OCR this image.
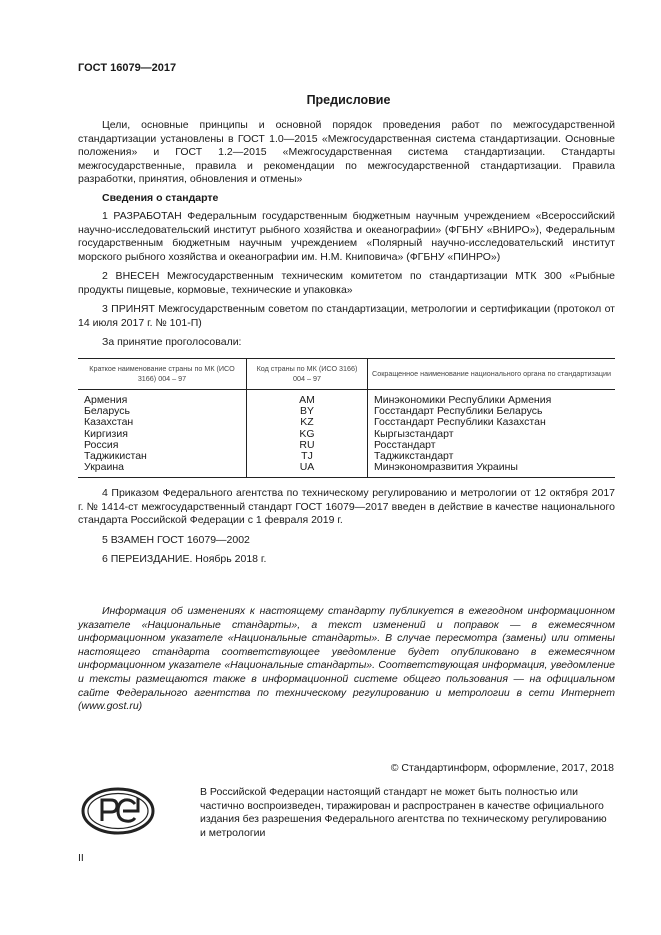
ГОСТ 16079—2017
Предисловие

Цели, основные принципы и основной порядок проведения работ по межгосударственной стандартизации установлены в ГОСТ 1.0—2015 «Межгосударственная система стандартизации. Основные положения» и ГОСТ 1.2—2015 «Межгосударственная система стандартизации. Стандарты межгосударственные, правила и рекомендации по межгосударственной стандартизации. Правила разработки, принятия, обновления и отмены»

Сведения о стандарте

1 РАЗРАБОТАН Федеральным государственным бюджетным научным учреждением «Всероссийский научно-исследовательский институт рыбного хозяйства и океанографии» (ФГБНУ «ВНИРО»), Федеральным государственным бюджетным научным учреждением «Полярный научно-исследовательский институт морского рыбного хозяйства и океанографии им. Н.М. Книповича» (ФГБНУ «ПИНРО»)

2 ВНЕСЕН Межгосударственным техническим комитетом по стандартизации МТК 300 «Рыбные продукты пищевые, кормовые, технические и упаковка»

3 ПРИНЯТ Межгосударственным советом по стандартизации, метрологии и сертификации (протокол от 14 июля 2017 г. № 101-П)

За принятие проголосовали:

Краткое наименование страны по МК (ИСО 3166) 004 – 97	Код страны по МК (ИСО 3166) 004 – 97	Сокращенное наименование национального органа по стандартизации
Армения	AM	Минэкономики Республики Армения
Беларусь	BY	Госстандарт Республики Беларусь
Казахстан	KZ	Госстандарт Республики Казахстан
Киргизия	KG	Кыргызстандарт
Россия	RU	Росстандарт
Таджикистан	TJ	Таджикстандарт
Украина	UA	Минэкономразвития Украины

4 Приказом Федерального агентства по техническому регулированию и метрологии от 12 октября 2017 г. № 1414-ст межгосударственный стандарт ГОСТ 16079—2017 введен в действие в качестве национального стандарта Российской Федерации с 1 февраля 2019 г.

5 ВЗАМЕН ГОСТ 16079—2002

6 ПЕРЕИЗДАНИЕ. Ноябрь 2018 г.

Информация об изменениях к настоящему стандарту публикуется в ежегодном информационном указателе «Национальные стандарты», а текст изменений и поправок — в ежемесячном информационном указателе «Национальные стандарты». В случае пересмотра (замены) или отмены настоящего стандарта соответствующее уведомление будет опубликовано в ежемесячном информационном указателе «Национальные стандарты». Соответствующая информация, уведомление и тексты размещаются также в информационной системе общего пользования — на официальном сайте Федерального агентства по техническому регулированию и метрологии в сети Интернет (www.gost.ru)

© Стандартинформ, оформление, 2017, 2018

В Российской Федерации настоящий стандарт не может быть полностью или частично воспроизведен, тиражирован и распространен в качестве официального издания без разрешения Федерального агентства по техническому регулированию и метрологии

II
